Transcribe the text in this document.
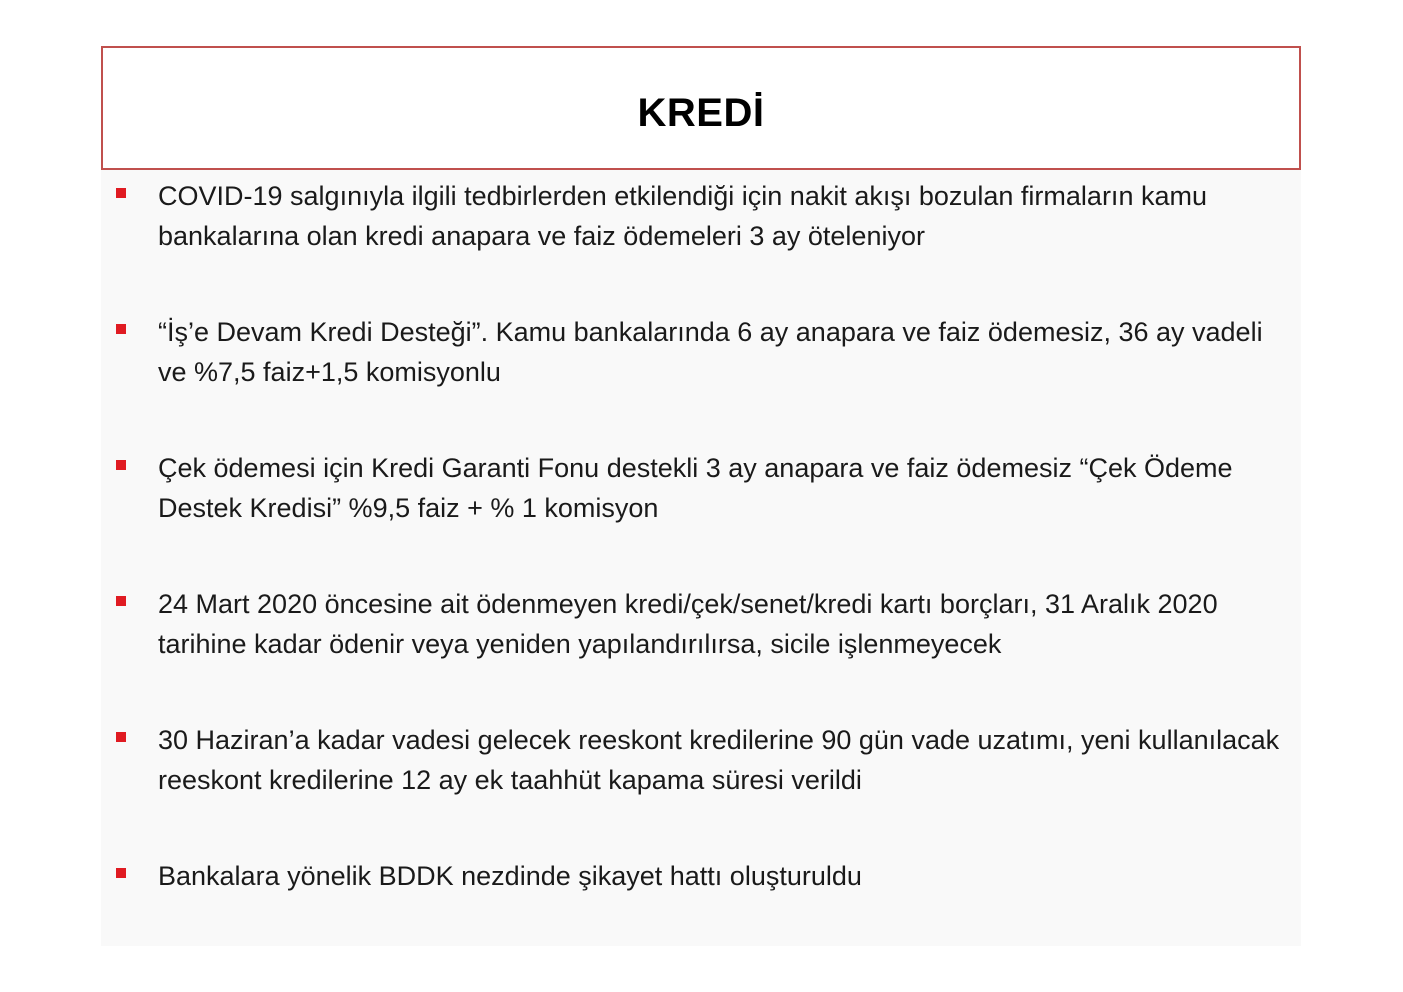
KREDİ
COVID-19 salgınıyla ilgili tedbirlerden etkilendiği için nakit akışı bozulan firmaların kamu bankalarına olan kredi anapara ve faiz ödemeleri 3 ay öteleniyor
“İş’e Devam Kredi Desteği”. Kamu bankalarında 6 ay anapara ve faiz ödemesiz, 36 ay vadeli ve %7,5 faiz+1,5 komisyonlu
Çek ödemesi için Kredi Garanti Fonu destekli 3 ay anapara ve faiz ödemesiz “Çek Ödeme Destek Kredisi” %9,5 faiz + % 1 komisyon
24 Mart 2020 öncesine ait ödenmeyen kredi/çek/senet/kredi kartı borçları, 31 Aralık 2020 tarihine kadar ödenir veya yeniden yapılandırılırsa, sicile işlenmeyecek
30 Haziran’a kadar vadesi gelecek reeskont kredilerine 90 gün vade uzatımı, yeni kullanılacak reeskont kredilerine 12 ay ek taahhüt kapama süresi verildi
Bankalara yönelik BDDK nezdinde şikayet hattı oluşturuldu
